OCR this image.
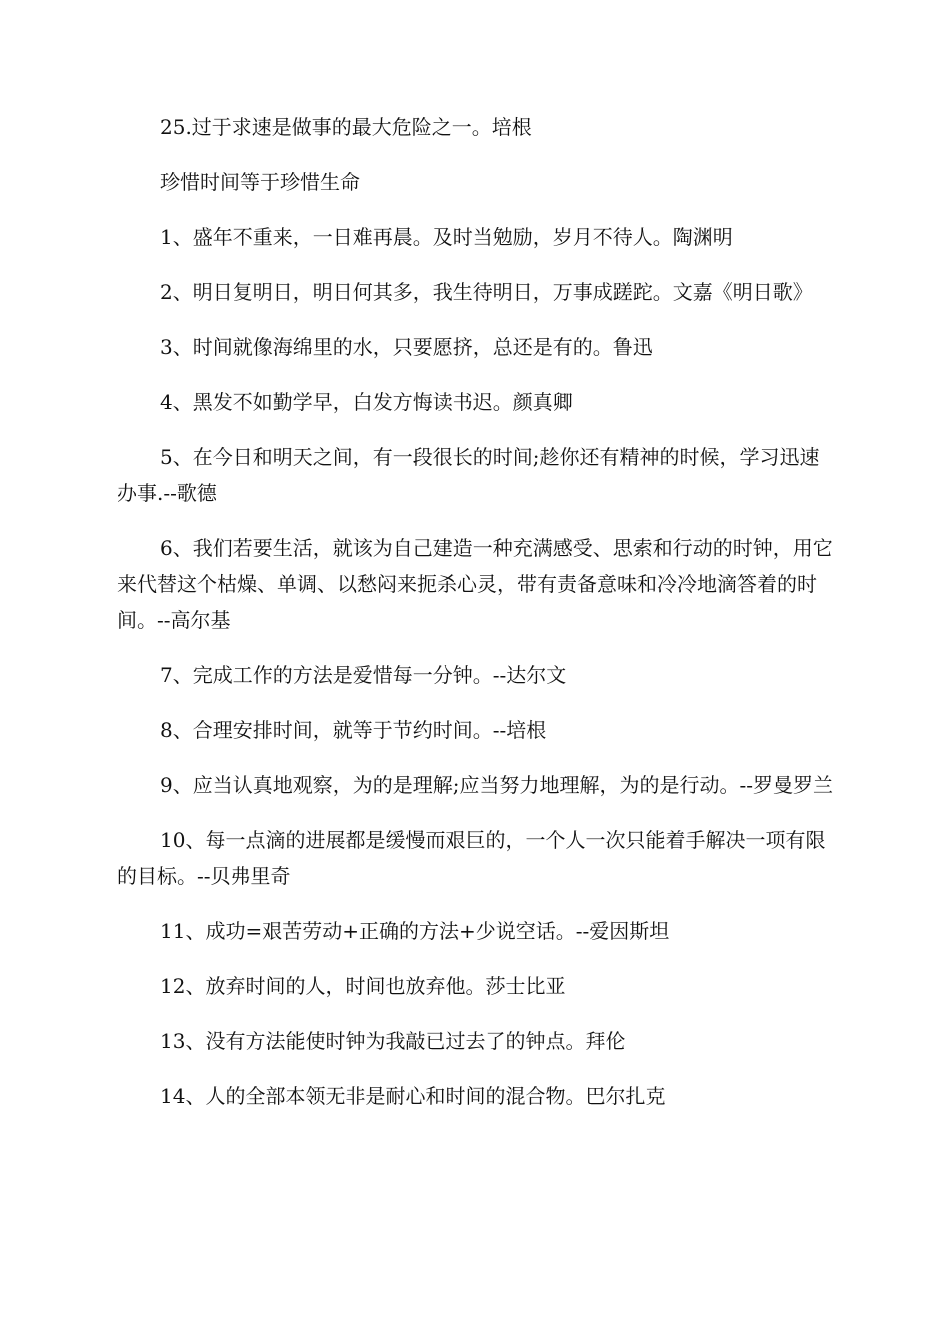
25.过于求速是做事的最大危险之一。培根

珍惜时间等于珍惜生命

1、盛年不重来，一日难再晨。及时当勉励，岁月不待人。陶渊明

2、明日复明日，明日何其多，我生待明日，万事成蹉跎。文嘉《明日歌》

3、时间就像海绵里的水，只要愿挤，总还是有的。鲁迅

4、黑发不如勤学早，白发方悔读书迟。颜真卿

5、在今日和明天之间，有一段很长的时间;趁你还有精神的时候，学习迅速办事.--歌德

6、我们若要生活，就该为自己建造一种充满感受、思索和行动的时钟，用它来代替这个枯燥、单调、以愁闷来扼杀心灵，带有责备意味和冷冷地滴答着的时间。--高尔基

7、完成工作的方法是爱惜每一分钟。--达尔文

8、合理安排时间，就等于节约时间。--培根

9、应当认真地观察，为的是理解;应当努力地理解，为的是行动。--罗曼罗兰

10、每一点滴的进展都是缓慢而艰巨的，一个人一次只能着手解决一项有限的目标。--贝弗里奇

11、成功=艰苦劳动+正确的方法+少说空话。--爱因斯坦

12、放弃时间的人，时间也放弃他。莎士比亚

13、没有方法能使时钟为我敲已过去了的钟点。拜伦

14、人的全部本领无非是耐心和时间的混合物。巴尔扎克
